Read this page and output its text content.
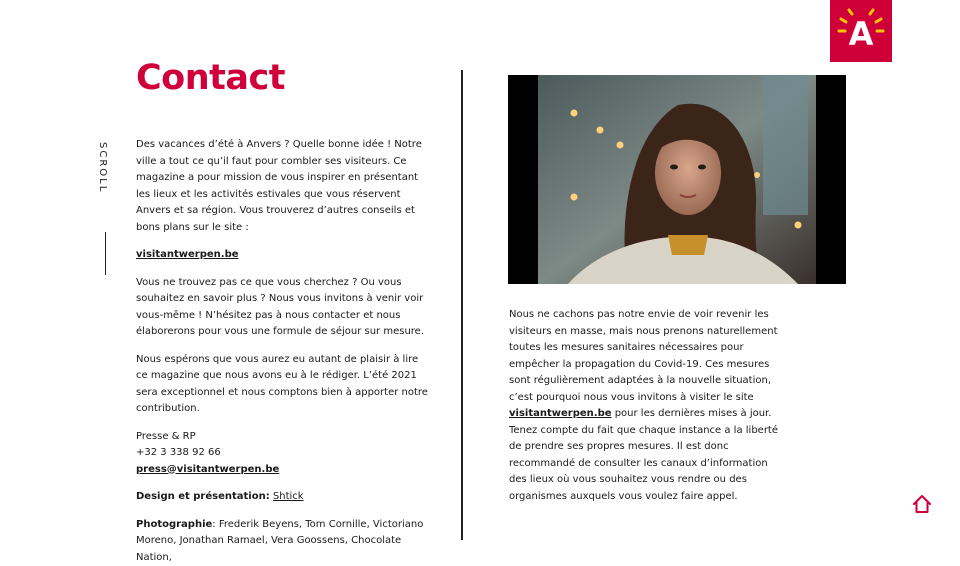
A
Contact
SCROLL	Des vacances d’été à Anvers ? Quelle bonne idée ! Notre ville a tout ce qu’il faut pour combler ses visiteurs. Ce magazine a pour mission de vous inspirer en présentant les lieux et les activités estivales que vous réservent Anvers et sa région. Vous trouverez d’autres conseils et bons plans sur le site :

visitantwerpen.be

Vous ne trouvez pas ce que vous cherchez ? Ou vous souhaitez en savoir plus ? Nous vous invitons à venir voir vous-même ! N’hésitez pas à nous contacter et nous élaborerons pour vous une formule de séjour sur mesure.

Nous espérons que vous aurez eu autant de plaisir à lire ce magazine que nous avons eu à le rédiger. L’été 2021 sera exceptionnel et nous comptons bien à apporter notre contribution.

Presse & RP
+32 3 338 92 66
press@visitantwerpen.be

Design et présentation: Shtick

Photographie: Frederik Beyens, Tom Cornille, Victoriano Moreno, Jonathan Ramael, Vera Goossens, Chocolate Nation,

Nous ne cachons pas notre envie de voir revenir les visiteurs en masse, mais nous prenons naturellement toutes les mesures sanitaires nécessaires pour empêcher la propagation du Covid-19. Ces mesures sont régulièrement adaptées à la nouvelle situation, c’est pourquoi nous vous invitons à visiter le site visitantwerpen.be pour les dernières mises à jour. Tenez compte du fait que chaque instance a la liberté de prendre ses propres mesures. Il est donc recommandé de consulter les canaux d’information des lieux où vous souhaitez vous rendre ou des organismes auxquels vous voulez faire appel.
